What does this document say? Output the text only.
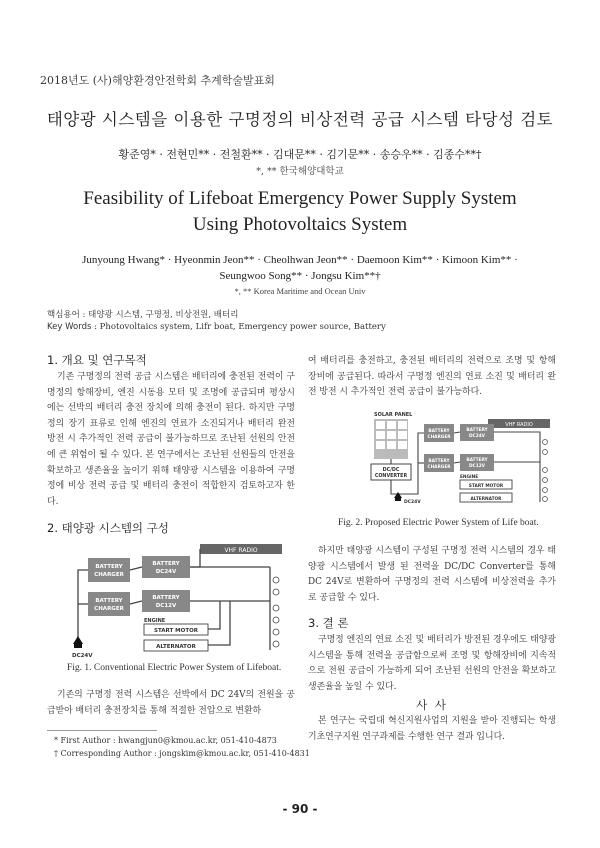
2018년도 (사)해양환경안전학회 추계학술발표회
태양광 시스템을 이용한 구명정의 비상전력 공급 시스템 타당성 검토
황준영* · 전현민** · 전철환** · 김대문** · 김기문** · 송승우** · 김종수**†
*, ** 한국해양대학교
Feasibility of Lifeboat Emergency Power Supply System
Using Photovoltaics System
Junyoung Hwang* · Hyeonmin Jeon** · Cheolhwan Jeon** · Daemoon Kim** · Kimoon Kim** ·
Seungwoo Song** · Jongsu Kim**†
*, ** Korea Maritime and Ocean Univ
핵심용어 : 태양광 시스템, 구명정, 비상전원, 배터리
Key Words : Photovoltaics system, Lifr boat, Emergency power source, Battery
1. 개요 및 연구목적
기존 구명정의 전력 공급 시스템은 배터리에 충전된 전력이 구명정의 항해장비, 엔진 시동용 모터 및 조명에 공급되며 평상시에는 선박의 배터리 충전 장치에 의해 충전이 된다. 하지만 구명정의 장기 표류로 인해 엔진의 연료가 소진되거나 배터리 완전 방전 시 추가적인 전력 공급이 불가능하므로 조난된 선원의 안전에 큰 위험이 될 수 있다. 본 연구에서는 조난된 선원들의 안전을 확보하고 생존율을 높이기 위해 태양광 시스템을 이용하여 구명정에 비상 전력 공급 및 배터리 충전이 적합한지 검토하고자 한다.
2. 태양광 시스템의 구성
VHF RADIO
BATTERY
CHARGER
BATTERY
DC24V
BATTERY
CHARGER
BATTERY
DC12V
ENGINE
START MOTOR
ALTERNATOR
DC24V
Fig. 1. Conventional Electric Power System of Lifeboat.
기존의 구명정 전력 시스템은 선박에서 DC 24V의 전원을 공급받아 배터리 충전장치를 통해 적절한 전압으로 변환하
* First Author : hwangjun0@kmou.ac.kr, 051-410-4873
† Corresponding Author : jongskim@kmou.ac.kr, 051-410-4831
여 배터리를 충전하고, 충전된 배터리의 전력으로 조명 및 항해장비에 공급된다. 따라서 구명정 엔진의 연료 소진 및 배터리 완전 방전 시 추가적인 전력 공급이 불가능하다.
SOLAR PANEL
DC/DC
CONVERTER
VHF RADIO
BATTERY
CHARGER
BATTERY
DC24V
BATTERY
CHARGER
BATTERY
DC12V
ENGINE
START MOTOR
ALTERNATOR
DC24V
Fig. 2. Proposed Electric Power System of Life boat.
하지만 태양광 시스템이 구성된 구명정 전력 시스템의 경우 태양광 시스템에서 발생 된 전력을 DC/DC Converter를 통해 DC 24V로 변환하여 구명정의 전력 시스템에 비상전력을 추가로 공급할 수 있다.
3. 결 론
구명정 엔진의 연료 소진 및 배터리가 방전된 경우에도 태양광 시스템을 통해 전력을 공급함으로써 조명 및 항해장비에 지속적으로 전원 공급이 가능하게 되어 조난된 선원의 안전을 확보하고 생존율을 높일 수 있다.
사 사
본 연구는 국립대 혁신지원사업의 지원을 받아 진행되는 학생기초연구지원 연구과제를 수행한 연구 결과 입니다.
- 90 -
